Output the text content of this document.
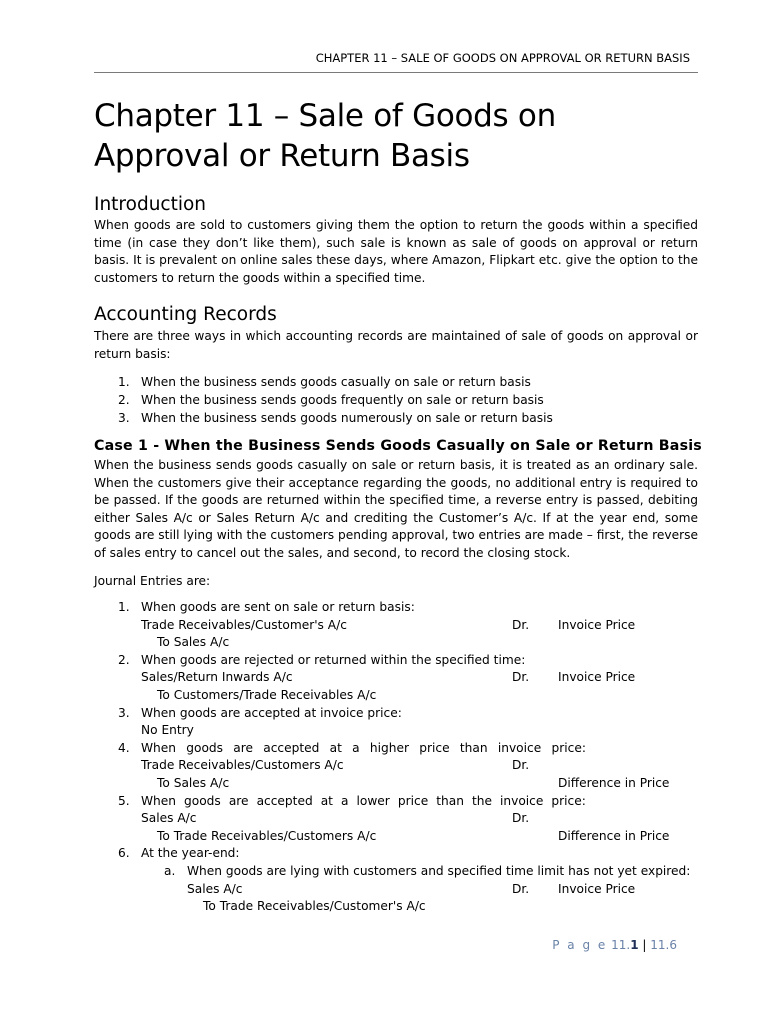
CHAPTER 11 – SALE OF GOODS ON APPROVAL OR RETURN BASIS
Chapter 11 – Sale of Goods on
Approval or Return Basis
Introduction

When goods are sold to customers giving them the option to return the goods within a specified time (in case they don’t like them), such sale is known as sale of goods on approval or return basis. It is prevalent on online sales these days, where Amazon, Flipkart etc. give the option to the customers to return the goods within a specified time.

Accounting Records

There are three ways in which accounting records are maintained of sale of goods on approval or return basis:

1. When the business sends goods casually on sale or return basis
2. When the business sends goods frequently on sale or return basis
3. When the business sends goods numerously on sale or return basis
Case 1 - When the Business Sends Goods Casually on Sale or Return Basis

When the business sends goods casually on sale or return basis, it is treated as an ordinary sale. When the customers give their acceptance regarding the goods, no additional entry is required to be passed. If the goods are returned within the specified time, a reverse entry is passed, debiting either Sales A/c or Sales Return A/c and crediting the Customer’s A/c. If at the year end, some goods are still lying with the customers pending approval, two entries are made – first, the reverse of sales entry to cancel out the sales, and second, to record the closing stock.

Journal Entries are:

1. When goods are sent on sale or return basis:
Trade Receivables/Customer's A/c	Dr. Invoice Price
To Sales A/c
2. When goods are rejected or returned within the specified time:
Sales/Return Inwards A/c	Dr. Invoice Price
To Customers/Trade Receivables A/c
3. When goods are accepted at invoice price:
No Entry
4. When goods are accepted at a higher price than invoice price:
Trade Receivables/Customers A/c	Dr.
To Sales A/c	Difference in Price
5. When goods are accepted at a lower price than the invoice price:
Sales A/c	Dr.
To Trade Receivables/Customers A/c	Difference in Price
6. At the year-end:
a. When goods are lying with customers and specified time limit has not yet expired:
Sales A/c	Dr. Invoice Price
To Trade Receivables/Customer's A/c
P a g e 11.1 | 11.6
